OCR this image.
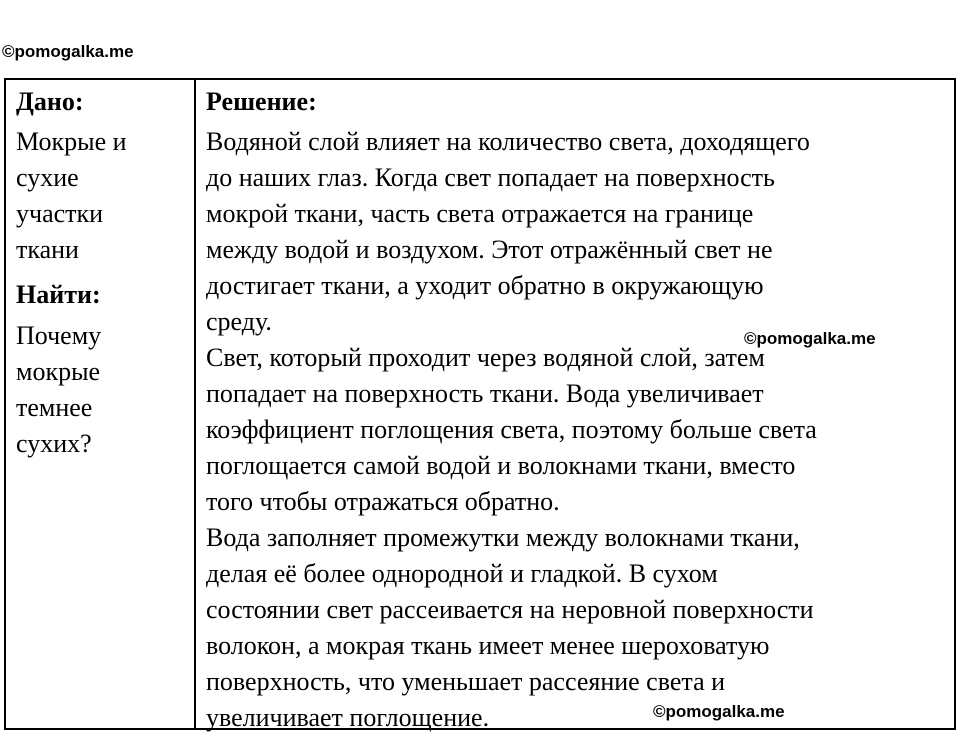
©pomogalka.me

Дано:

Мокрые и

сухие

участки

ткани

Найти:

Почему

мокрые

темнее

сухих?

Решение:

Водяной слой влияет на количество света, доходящего

до наших глаз. Когда свет попадает на поверхность

мокрой ткани, часть света отражается на границе

между водой и воздухом. Этот отражённый свет не

достигает ткани, а уходит обратно в окружающую

среду.

Свет, который проходит через водяной слой, затем

попадает на поверхность ткани. Вода увеличивает

коэффициент поглощения света, поэтому больше света

поглощается самой водой и волокнами ткани, вместо

того чтобы отражаться обратно.

Вода заполняет промежутки между волокнами ткани,

делая её более однородной и гладкой. В сухом

состоянии свет рассеивается на неровной поверхности

волокон, а мокрая ткань имеет менее шероховатую

поверхность, что уменьшает рассеяние света и

увеличивает поглощение.

©pomogalka.me
©pomogalka.me
